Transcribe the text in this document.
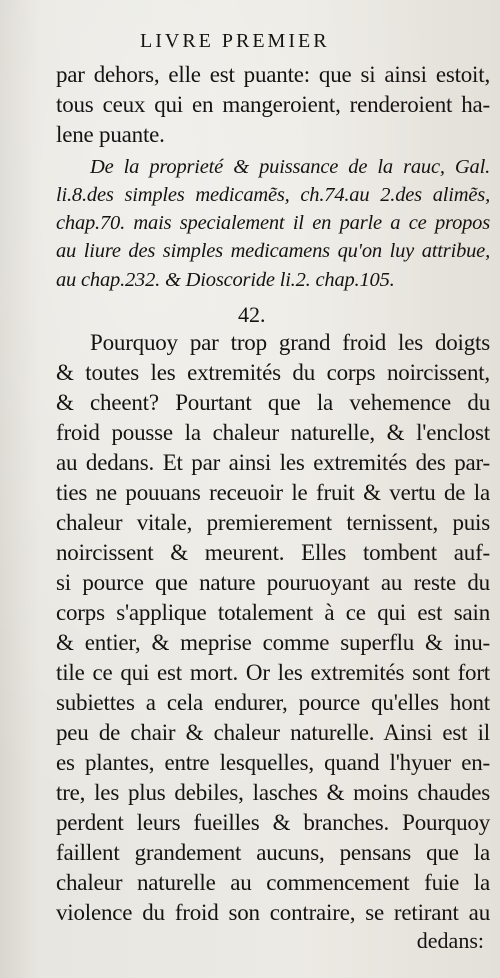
LIVRE PREMIER
par dehors, elle est puante: que si ainsi estoit,
tous ceux qui en mangeroient, renderoient ha-
lene puante.
De la proprieté & puissance de la rauc, Gal.
li.8.des simples medicamẽs, ch.74.au 2.des alimẽs,
chap.70. mais specialement il en parle a ce propos
au liure des simples medicamens qu'on luy attribue,
au chap.232. & Dioscoride li.2. chap.105.
42.
Pourquoy par trop grand froid les doigts
& toutes les extremités du corps noircissent,
& cheent? Pourtant que la vehemence du
froid pousse la chaleur naturelle, & l'enclost
au dedans. Et par ainsi les extremités des par-
ties ne pouuans receuoir le fruit & vertu de la
chaleur vitale, premierement ternissent, puis
noircissent & meurent. Elles tombent auf-
si pource que nature pouruoyant au reste du
corps s'applique totalement à ce qui est sain
& entier, & meprise comme superflu & inu-
tile ce qui est mort. Or les extremités sont fort
subiettes a cela endurer, pource qu'elles hont
peu de chair & chaleur naturelle. Ainsi est il
es plantes, entre lesquelles, quand l'hyuer en-
tre, les plus debiles, lasches & moins chaudes
perdent leurs fueilles & branches. Pourquoy
faillent grandement aucuns, pensans que la
chaleur naturelle au commencement fuie la
violence du froid son contraire, se retirant au
dedans:
